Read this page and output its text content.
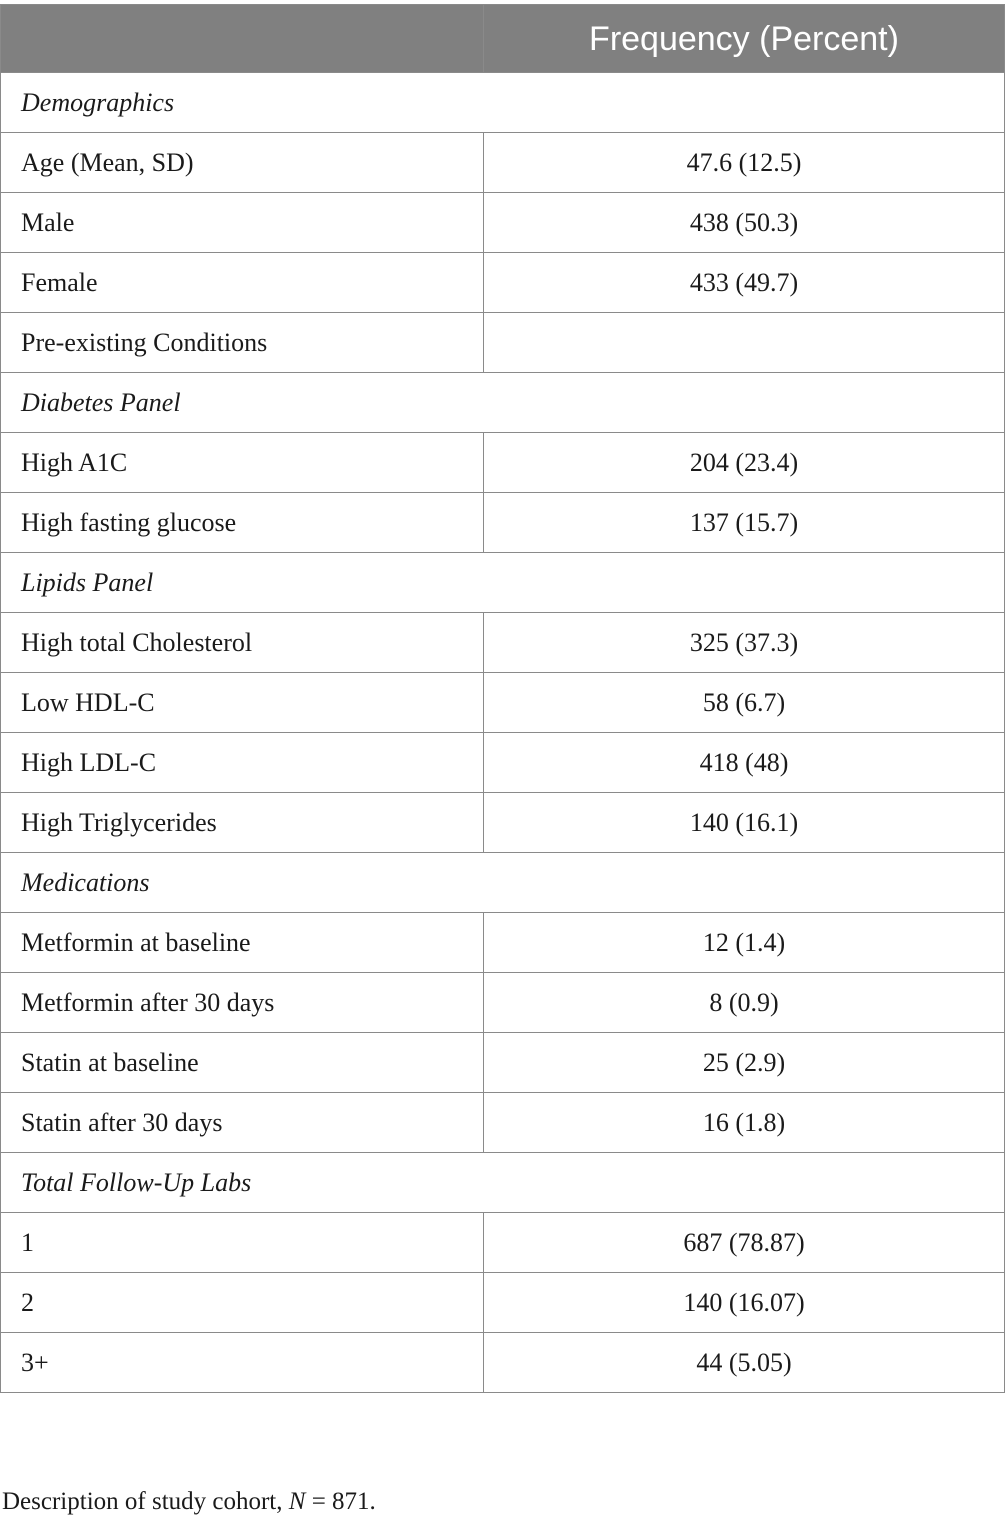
	Frequency (Percent)
Demographics	
Age (Mean, SD)	47.6 (12.5)
Male	438 (50.3)
Female	433 (49.7)
Pre-existing Conditions	
Diabetes Panel	
High A1C	204 (23.4)
High fasting glucose	137 (15.7)
Lipids Panel	
High total Cholesterol	325 (37.3)
Low HDL-C	58 (6.7)
High LDL-C	418 (48)
High Triglycerides	140 (16.1)
Medications	
Metformin at baseline	12 (1.4)
Metformin after 30 days	8 (0.9)
Statin at baseline	25 (2.9)
Statin after 30 days	16 (1.8)
Total Follow-Up Labs	
1	687 (78.87)
2	140 (16.07)
3+	44 (5.05)
Description of study cohort, N = 871.
